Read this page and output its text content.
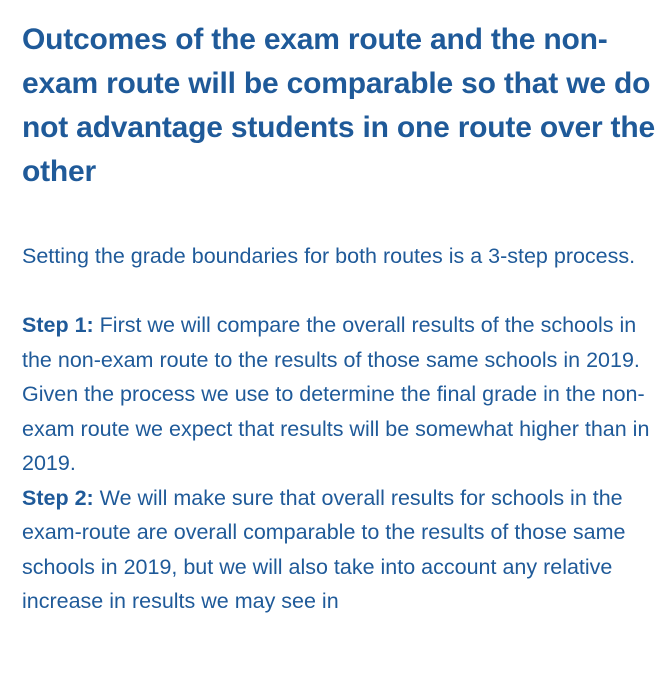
Outcomes of the exam route and the non-exam route will be comparable so that we do not advantage students in one route over the other

Setting the grade boundaries for both routes is a 3-step process.

Step 1: First we will compare the overall results of the schools in the non-exam route to the results of those same schools in 2019. Given the process we use to determine the final grade in the non-exam route we expect that results will be somewhat higher than in 2019.

Step 2: We will make sure that overall results for schools in the exam-route are overall comparable to the results of those same schools in 2019, but we will also take into account any relative increase in results we may see in
